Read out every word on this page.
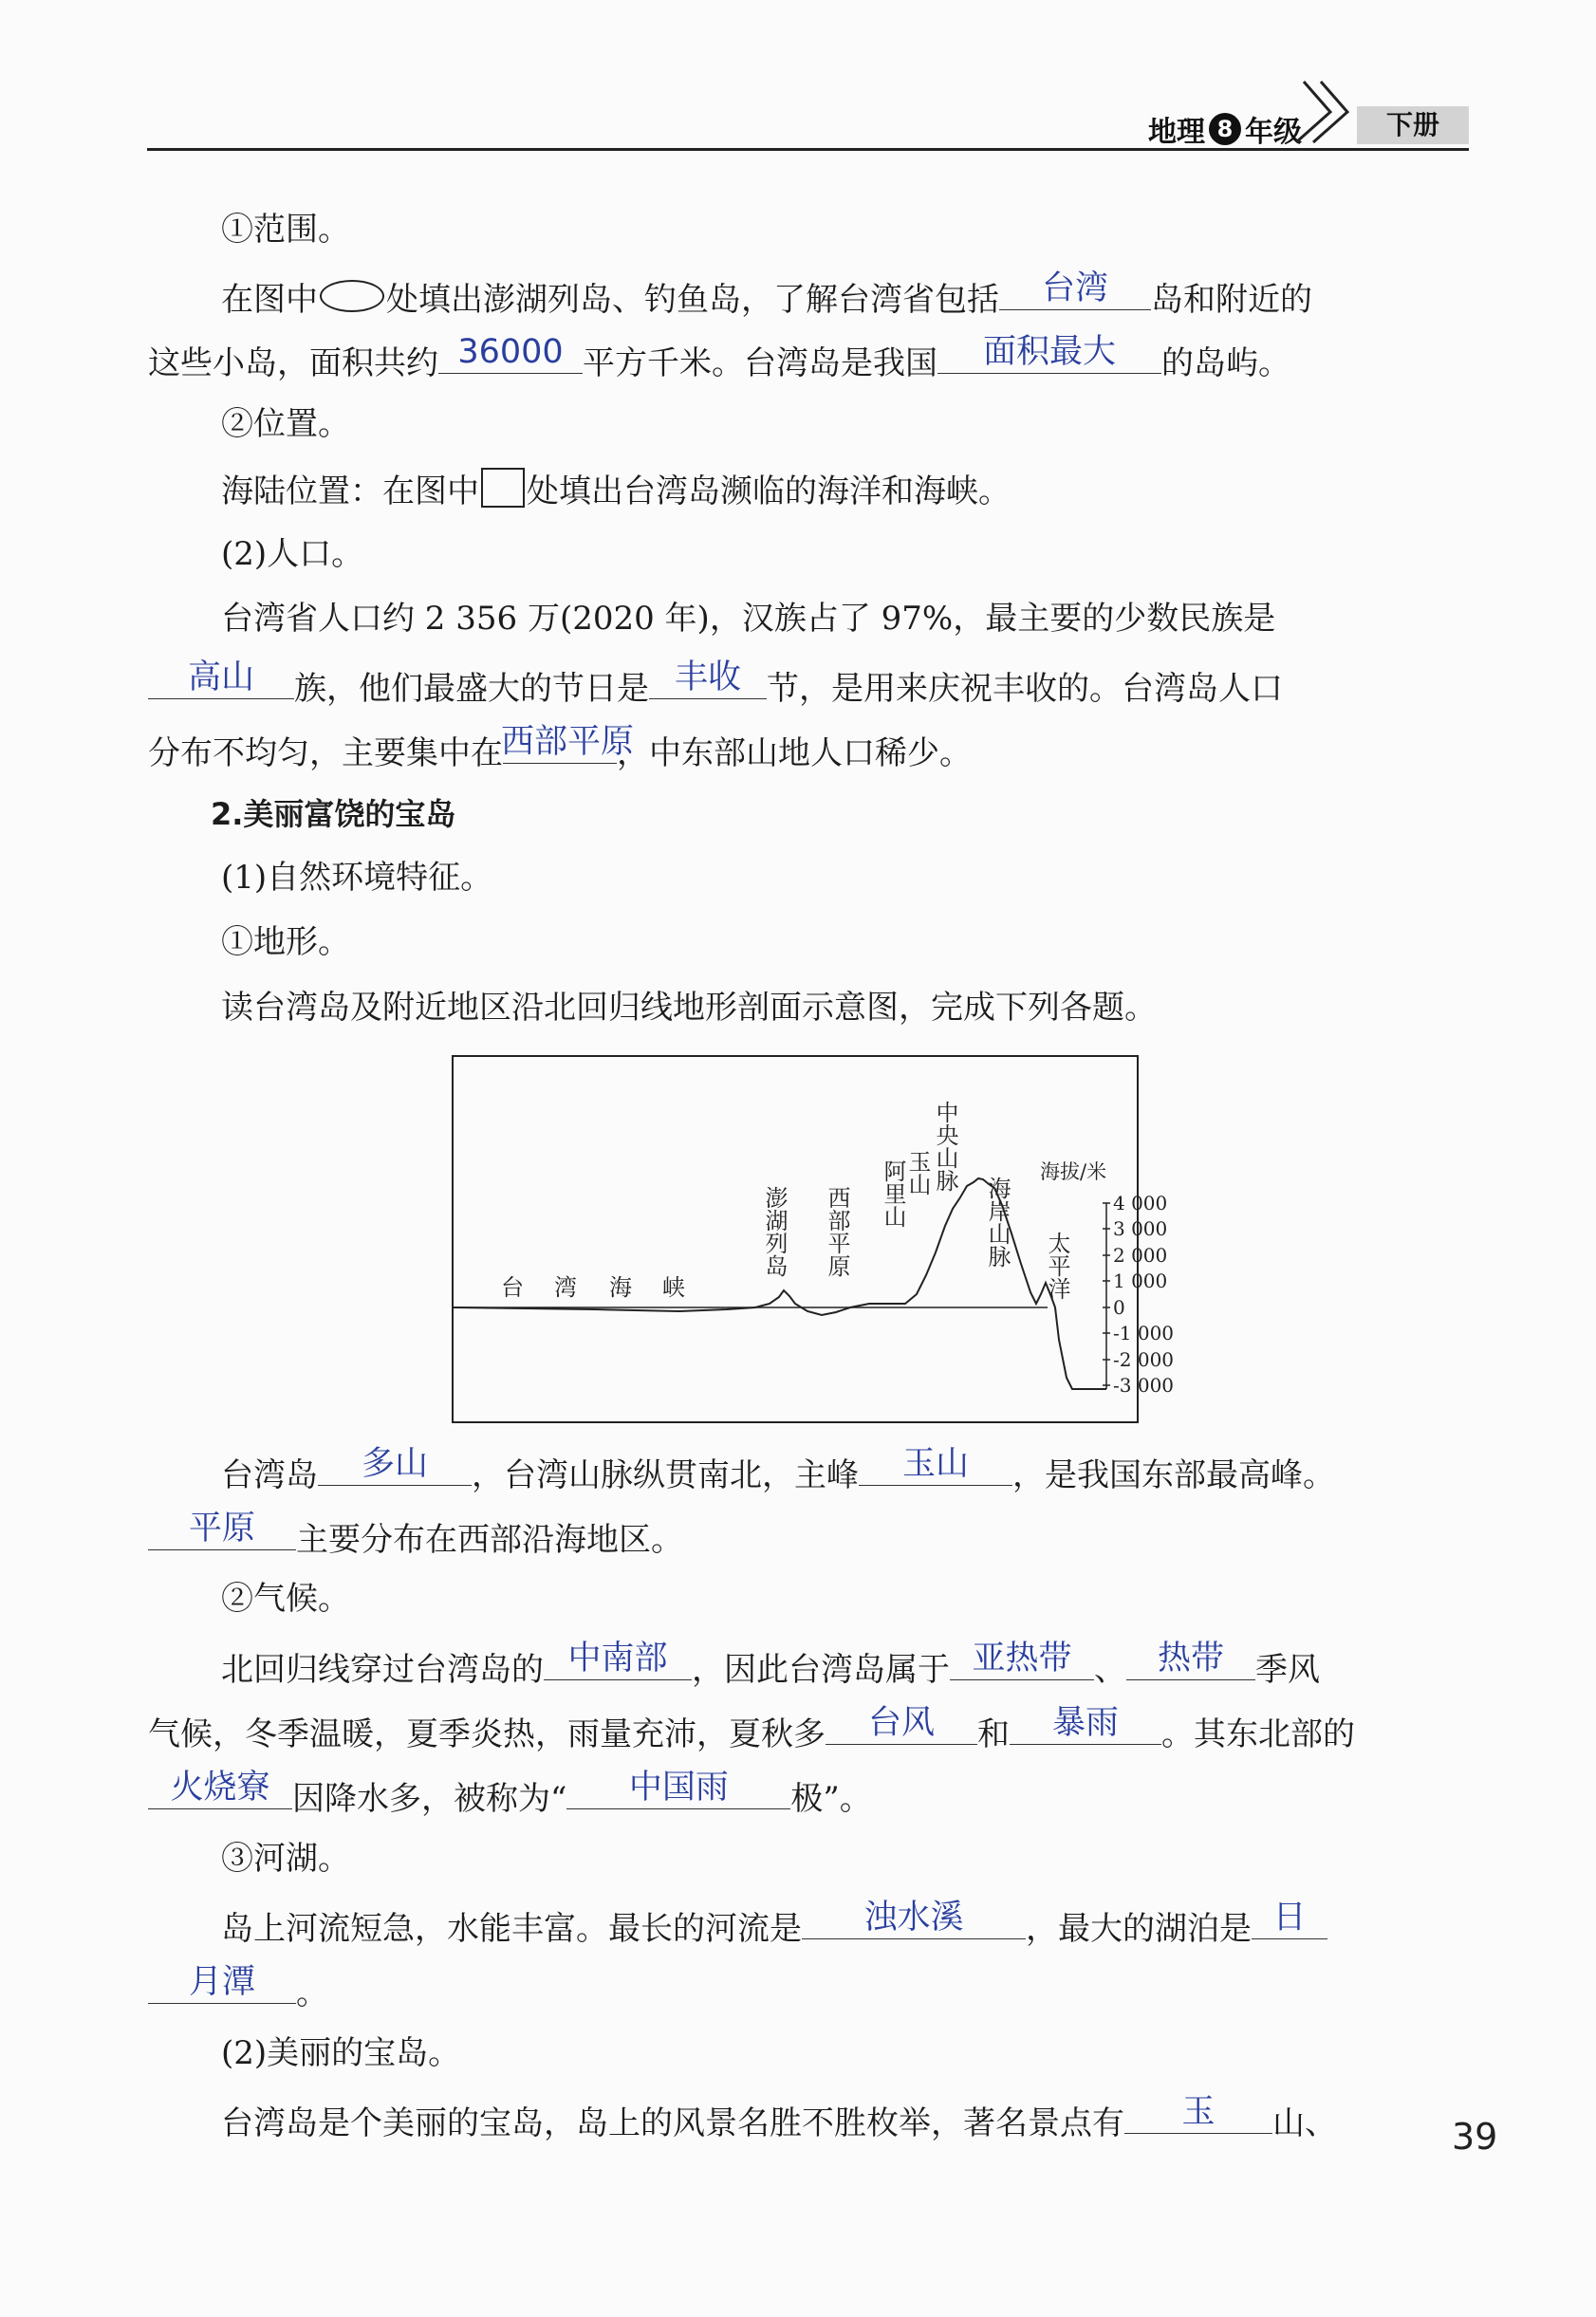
地理 8 年级	下册
①范围。
在图中 处填出澎湖列岛、钓鱼岛，了解台湾省包括	台湾	岛和附近的
这些小岛，面积共约 36000 平方千米。台湾岛是我国	面积最大	的岛屿。
②位置。
海陆位置：在图中 处填出台湾岛濒临的海洋和海峡。
(2)人口。
台湾省人口约 2 356 万(2020 年)，汉族占了 97%，最主要的少数民族是
高山	族，他们最盛大的节日是 丰收 节，是用来庆祝丰收的。台湾岛人口
分布不均匀，主要集中在
西部平原
，中东部山地人口稀少。
2.美丽富饶的宝岛
(1)自然环境特征。
①地形。
读台湾岛及附近地区沿北回归线地形剖面示意图，完成下列各题。
4 000
3 000
2 000
1 000
0
-1 000
-2 000
-3 000
海拔/米
台 湾 海 峡
澎湖列岛 西部平原 阿里山
玉山 中央山脉
海岸山脉 太平洋
台湾岛	多山	，台湾山脉纵贯南北，主峰	玉山	，是我国东部最高峰。
平原	主要分布在西部沿海地区。
②气候。
北回归线穿过台湾岛的 中南部 ，因此台湾岛属于 亚热带 、 热带 季风
气候，冬季温暖，夏季炎热，雨量充沛，夏秋多	台风	和	暴雨	。其东北部的
火烧寮 因降水多，被称为“	中国雨	极”。
③河湖。
岛上河流短急，水能丰富。最长的河流是	浊水溪	，最大的湖泊是 日
月潭	。
(2)美丽的宝岛。
台湾岛是个美丽的宝岛，岛上的风景名胜不胜枚举，著名景点有	玉	山、	39
